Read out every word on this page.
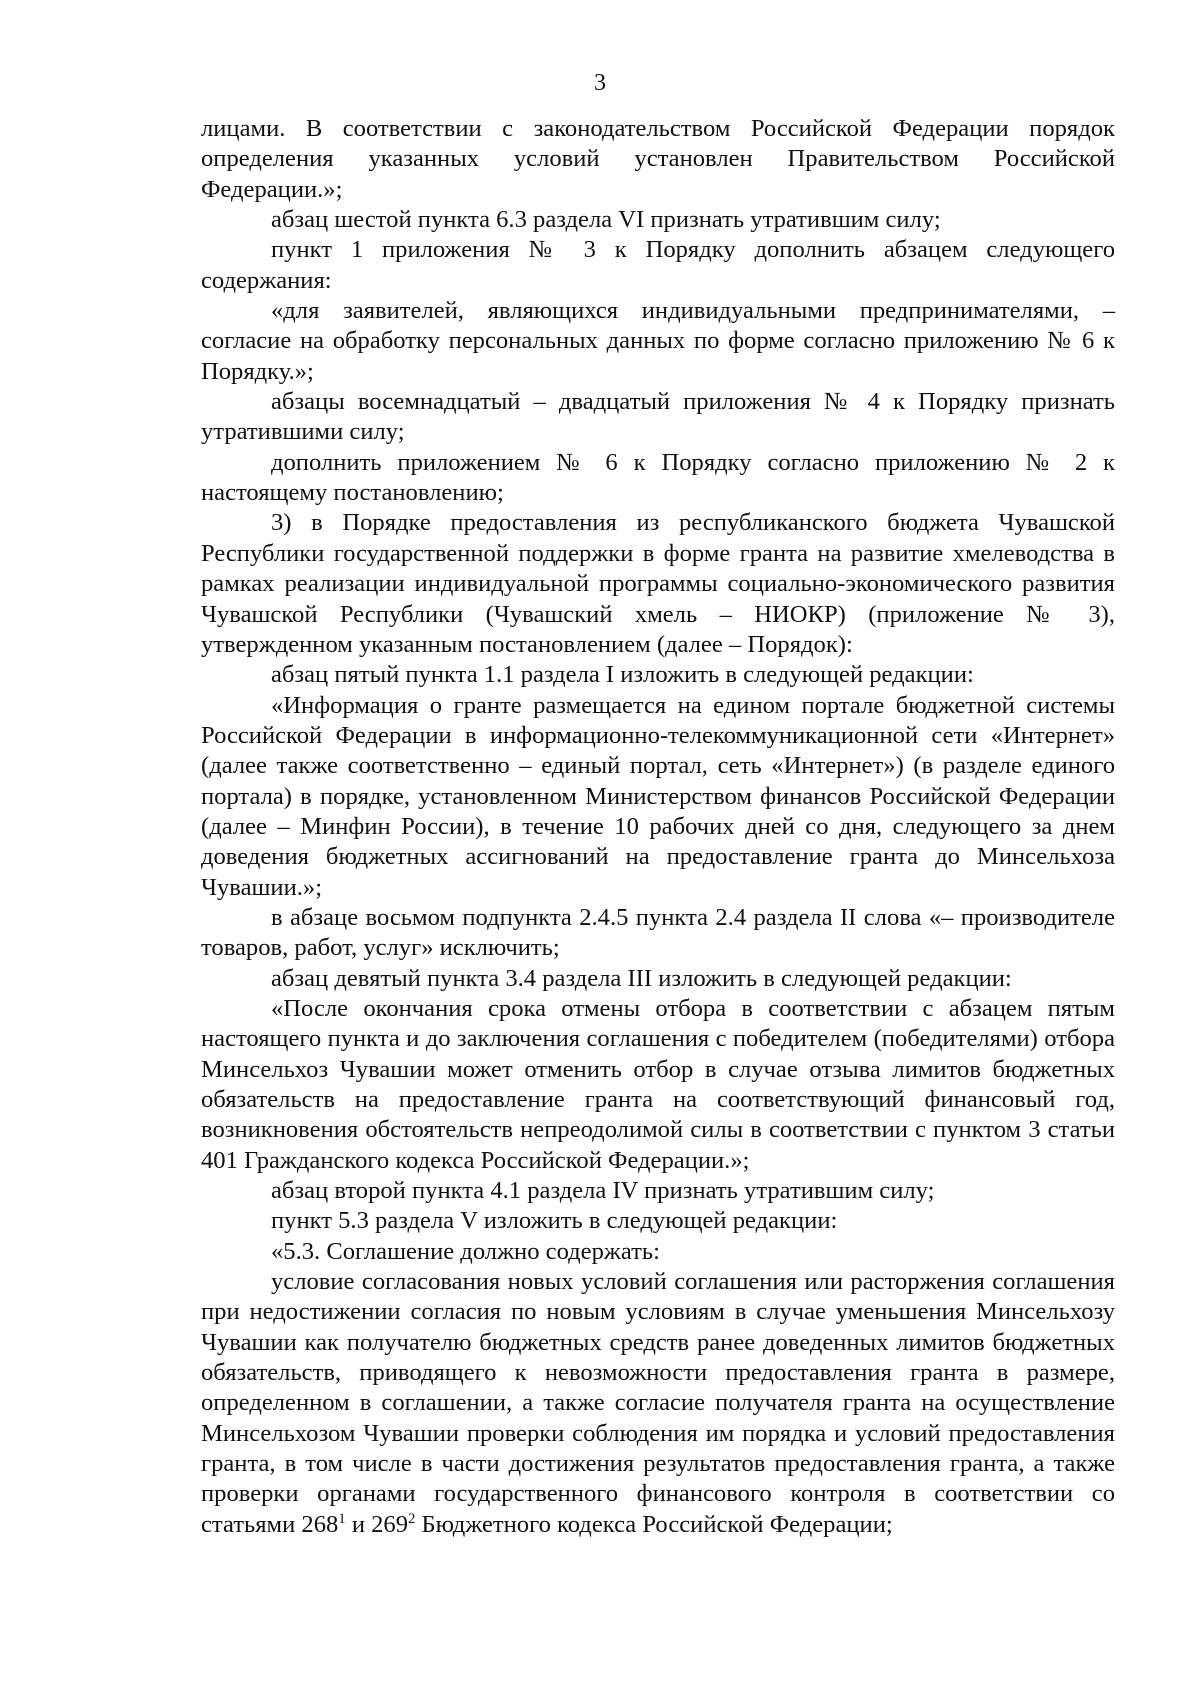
3

лицами. В соответствии с законодательством Российской Федерации порядок определения указанных условий установлен Правительством Российской Федерации.»;

абзац шестой пункта 6.3 раздела VI признать утратившим силу;

пункт 1 приложения № 3 к Порядку дополнить абзацем следующего содержания:

«для заявителей, являющихся индивидуальными предпринимателями, – согласие на обработку персональных данных по форме согласно приложению № 6 к Порядку.»;

абзацы восемнадцатый – двадцатый приложения № 4 к Порядку признать утратившими силу;

дополнить приложением № 6 к Порядку согласно приложению № 2 к настоящему постановлению;

3) в Порядке предоставления из республиканского бюджета Чувашской Республики государственной поддержки в форме гранта на развитие хмелеводства в рамках реализации индивидуальной программы социально-экономического развития Чувашской Республики (Чувашский хмель – НИОКР) (приложение № 3), утвержденном указанным постановлением (далее – Порядок):

абзац пятый пункта 1.1 раздела I изложить в следующей редакции:

«Информация о гранте размещается на едином портале бюджетной системы Российской Федерации в информационно-телекоммуникационной сети «Интернет» (далее также соответственно – единый портал, сеть «Интернет») (в разделе единого портала) в порядке, установленном Министерством финансов Российской Федерации (далее – Минфин России), в течение 10 рабочих дней со дня, следующего за днем доведения бюджетных ассигнований на предоставление гранта до Минсельхоза Чувашии.»;

в абзаце восьмом подпункта 2.4.5 пункта 2.4 раздела II слова «– производителе товаров, работ, услуг» исключить;

абзац девятый пункта 3.4 раздела III изложить в следующей редакции:

«После окончания срока отмены отбора в соответствии с абзацем пятым настоящего пункта и до заключения соглашения с победителем (победителями) отбора Минсельхоз Чувашии может отменить отбор в случае отзыва лимитов бюджетных обязательств на предоставление гранта на соответствующий финансовый год, возникновения обстоятельств непреодолимой силы в соответствии с пунктом 3 статьи 401 Гражданского кодекса Российской Федерации.»;

абзац второй пункта 4.1 раздела IV признать утратившим силу;

пункт 5.3 раздела V изложить в следующей редакции:

«5.3. Соглашение должно содержать:

условие согласования новых условий соглашения или расторжения соглашения при недостижении согласия по новым условиям в случае уменьшения Минсельхозу Чувашии как получателю бюджетных средств ранее доведенных лимитов бюджетных обязательств, приводящего к невозможности предоставления гранта в размере, определенном в соглашении, а также согласие получателя гранта на осуществление Минсельхозом Чувашии проверки соблюдения им порядка и условий предоставления гранта, в том числе в части достижения результатов предоставления гранта, а также проверки органами государственного финансового контроля в соответствии со статьями $268^1$ и $269^2$ Бюджетного кодекса Российской Федерации;
